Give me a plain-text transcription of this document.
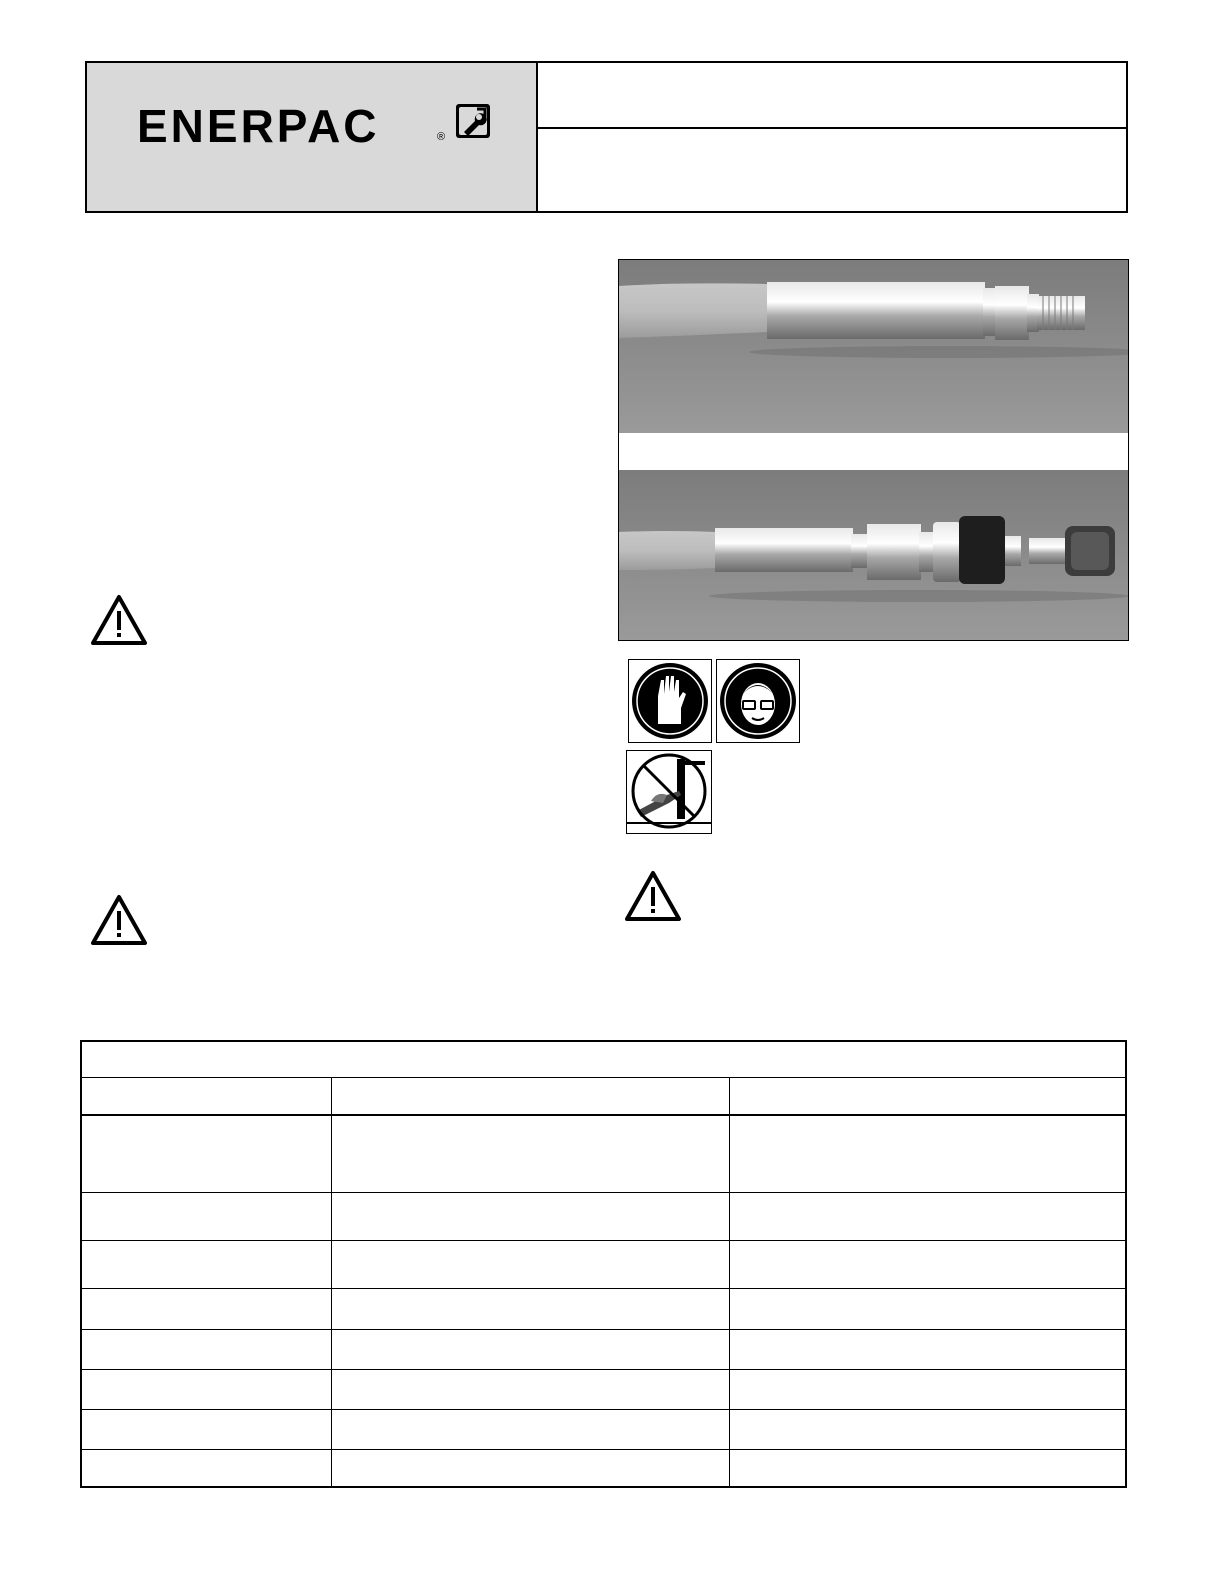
ENERPAC	®
